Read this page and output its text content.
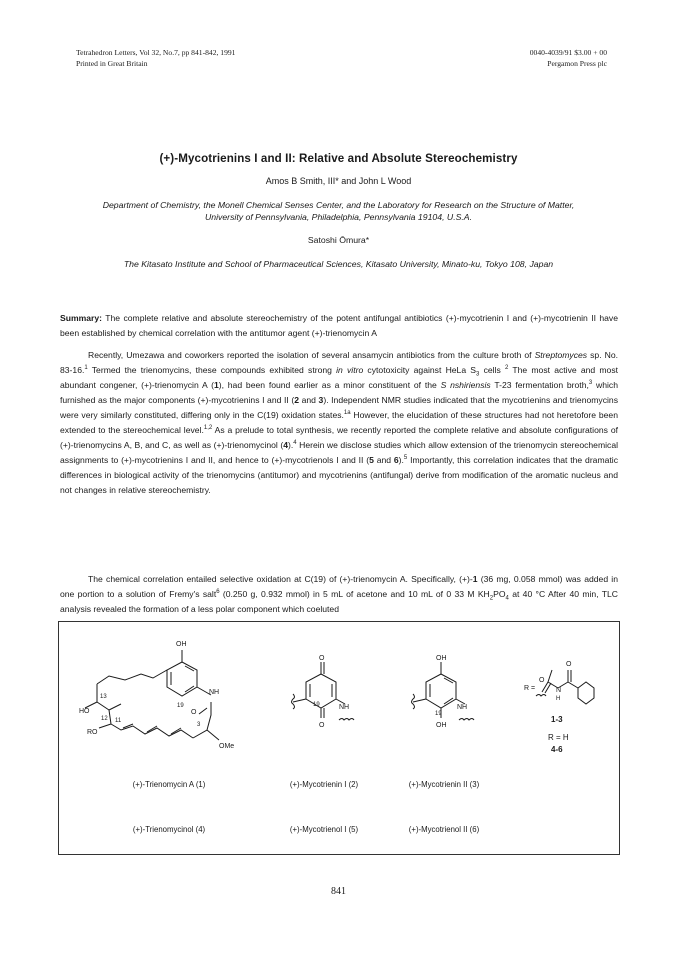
Tetrahedron Letters, Vol 32, No.7, pp 841-842, 1991
Printed in Great Britain
0040-4039/91 $3.00 + 00
Pergamon Press plc
(+)-Mycotrienins I and II: Relative and Absolute Stereochemistry
Amos B Smith, III* and John L Wood
Department of Chemistry, the Monell Chemical Senses Center, and the Laboratory for Research on the Structure of Matter,
University of Pennsylvania, Philadelphia, Pennsylvania 19104, U.S.A.
Satoshi Ōmura*
The Kitasato Institute and School of Pharmaceutical Sciences, Kitasato University, Minato-ku, Tokyo 108, Japan
Summary: The complete relative and absolute stereochemistry of the potent antifungal antibiotics (+)-mycotrienin I and (+)-mycotrienin II have been established by chemical correlation with the antitumor agent (+)-trienomycin A
Recently, Umezawa and coworkers reported the isolation of several ansamycin antibiotics from the culture broth of Streptomyces sp. No. 83-16.$^1$ Termed the trienomycins, these compounds exhibited strong in vitro cytotoxicity against HeLa $S_3$ cells $^2$ The most active and most abundant congener, (+)-trienomycin A (1), had been found earlier as a minor constituent of the S nshiriensis T-23 fermentation broth,$^3$ which furnished as the major components (+)-mycotrienins I and II (2 and 3). Independent NMR studies indicated that the mycotrienins and trienomycins were very similarly constituted, differing only in the C(19) oxidation states.$^{1a}$ However, the elucidation of these structures had not heretofore been extended to the stereochemical level.$^{1,2}$ As a prelude to total synthesis, we recently reported the complete relative and absolute configurations of (+)-trienomycins A, B, and C, as well as (+)-trienomycinol (4).$^4$ Herein we disclose studies which allow extension of the trienomycin stereochemical assignments to (+)-mycotrienins I and II, and hence to (+)-mycotrienols I and II (5 and 6).$^5$ Importantly, this correlation indicates that the dramatic differences in biological activity of the trienomycins (antitumor) and mycotrienins (antifungal) derive from modification of the aromatic nucleus and not changes in relative stereochemistry.
The chemical correlation entailed selective oxidation at C(19) of (+)-trienomycin A. Specifically, (+)-1 (36 mg, 0.058 mmol) was added in one portion to a solution of Fremy's salt$^6$ (0.250 g, 0.932 mmol) in 5 mL of acetone and 10 mL of 0 33 M $KH_2PO_4$ at 40 °C After 40 min, TLC analysis revealed the formation of a less polar component which coeluted
OH
NH
O
HO
RO
OMe
19
13
12 11
3
O
O
NH
19
OH
OH
NH
19
R =
O
O
N
H
1-3
R = H
4-6
(+)-Trienomycin A (1)	(+)-Mycotrienin I (2)	(+)-Mycotrienin II (3)
(+)-Trienomycinol (4)	(+)-Mycotrienol I (5)	(+)-Mycotrienol II (6)
841
